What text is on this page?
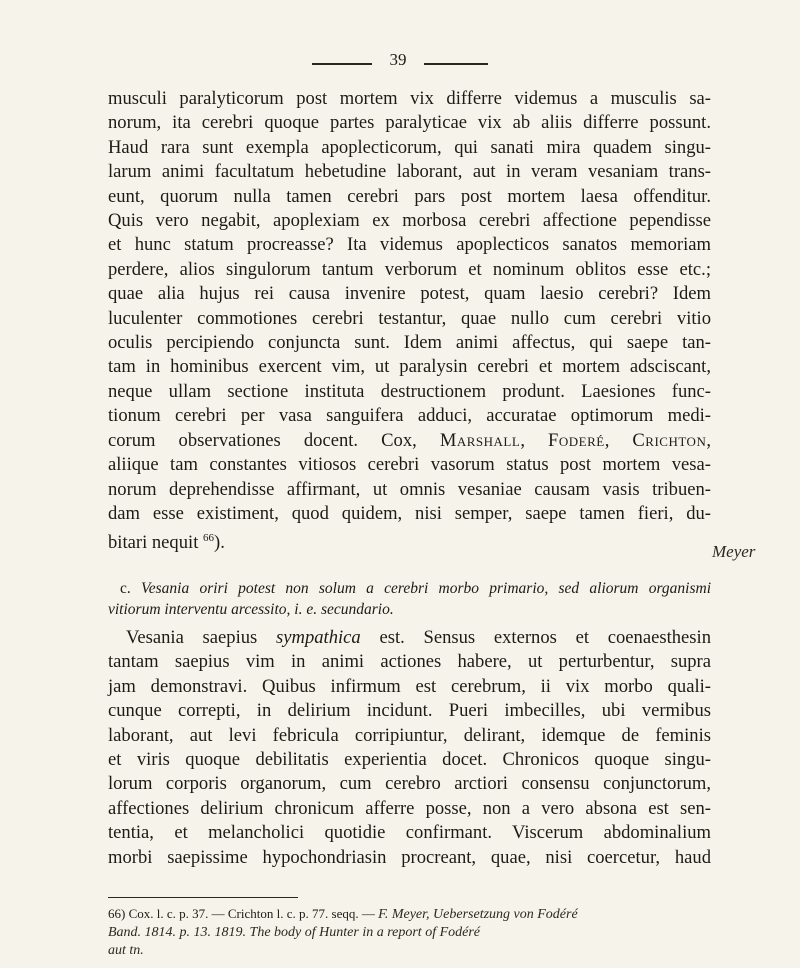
39
musculi paralyticorum post mortem vix differre videmus a musculis sa-
norum, ita cerebri quoque partes paralyticae vix ab aliis differre possunt.
Haud rara sunt exempla apoplecticorum, qui sanati mira quadem singu-
larum animi facultatum hebetudine laborant, aut in veram vesaniam trans-
eunt, quorum nulla tamen cerebri pars post mortem laesa offenditur.
Quis vero negabit, apoplexiam ex morbosa cerebri affectione pependisse
et hunc statum procreasse? Ita videmus apoplecticos sanatos memoriam
perdere, alios singulorum tantum verborum et nominum oblitos esse etc.;
quae alia hujus rei causa invenire potest, quam laesio cerebri? Idem
luculenter commotiones cerebri testantur, quae nullo cum cerebri vitio
oculis percipiendo conjuncta sunt. Idem animi affectus, qui saepe tan-
tam in hominibus exercent vim, ut paralysin cerebri et mortem adsciscant,
neque ullam sectione instituta destructionem produnt. Laesiones func-
tionum cerebri per vasa sanguifera adduci, accuratae optimorum medi-
corum observationes docent. Cox, Marshall, Foderé, Crichton,
aliique tam constantes vitiosos cerebri vasorum status post mortem vesa-
norum deprehendisse affirmant, ut omnis vesaniae causam vasis tribuen-
dam esse existiment, quod quidem, nisi semper, saepe tamen fieri, du-
bitari nequit $^{66}$).	Meyer
c. Vesania oriri potest non solum a cerebri morbo primario, sed aliorum organismi
vitiorum interventu arcessito, i. e. secundario.
Vesania saepius sympathica est. Sensus externos et coenaesthesin
tantam saepius vim in animi actiones habere, ut perturbentur, supra
jam demonstravi. Quibus infirmum est cerebrum, ii vix morbo quali-
cunque correpti, in delirium incidunt. Pueri imbecilles, ubi vermibus
laborant, aut levi febricula corripiuntur, delirant, idemque de feminis
et viris quoque debilitatis experientia docet. Chronicos quoque singu-
lorum corporis organorum, cum cerebro arctiori consensu conjunctorum,
affectiones delirium chronicum afferre posse, non a vero absona est sen-
tentia, et melancholici quotidie confirmant. Viscerum abdominalium
morbi saepissime hypochondriasin procreant, quae, nisi coercetur, haud
66) Cox. l. c. p. 37. — Crichton l. c. p. 77. seqq. — F. Meyer, Uebersetzung von Fodéré
Band. 1814. p. 13. 1819. The body of Hunter in a report of Fodéré
aut tn.
